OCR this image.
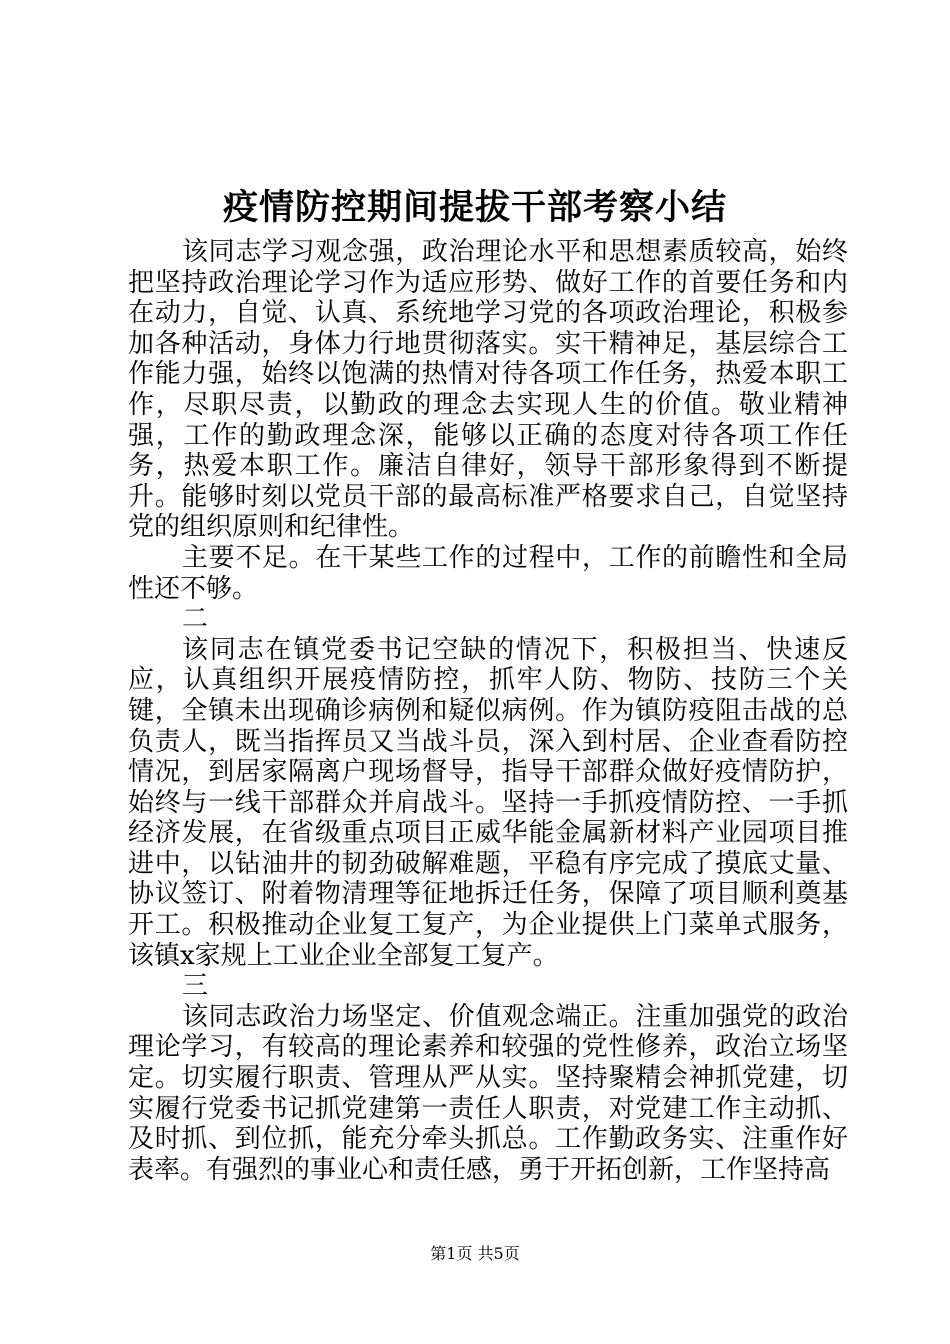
疫情防控期间提拔干部考察小结

该同志学习观念强，政治理论水平和思想素质较高，始终把坚持政治理论学习作为适应形势、做好工作的首要任务和内在动力，自觉、认真、系统地学习党的各项政治理论，积极参加各种活动，身体力行地贯彻落实。实干精神足，基层综合工作能力强，始终以饱满的热情对待各项工作任务，热爱本职工作，尽职尽责，以勤政的理念去实现人生的价值。敬业精神强，工作的勤政理念深，能够以正确的态度对待各项工作任务，热爱本职工作。廉洁自律好，领导干部形象得到不断提升。能够时刻以党员干部的最高标准严格要求自己，自觉坚持党的组织原则和纪律性。

主要不足。在干某些工作的过程中，工作的前瞻性和全局性还不够。

二

该同志在镇党委书记空缺的情况下，积极担当、快速反应，认真组织开展疫情防控，抓牢人防、物防、技防三个关键，全镇未出现确诊病例和疑似病例。作为镇防疫阻击战的总负责人，既当指挥员又当战斗员，深入到村居、企业查看防控情况，到居家隔离户现场督导，指导干部群众做好疫情防护，始终与一线干部群众并肩战斗。坚持一手抓疫情防控、一手抓经济发展，在省级重点项目正威华能金属新材料产业园项目推进中，以钻油井的韧劲破解难题，平稳有序完成了摸底丈量、协议签订、附着物清理等征地拆迁任务，保障了项目顺利奠基开工。积极推动企业复工复产，为企业提供上门菜单式服务，该镇x家规上工业企业全部复工复产。

三

该同志政治力场坚定、价值观念端正。注重加强党的政治理论学习，有较高的理论素养和较强的党性修养，政治立场坚定。切实履行职责、管理从严从实。坚持聚精会神抓党建，切实履行党委书记抓党建第一责任人职责，对党建工作主动抓、及时抓、到位抓，能充分牵头抓总。工作勤政务实、注重作好表率。有强烈的事业心和责任感，勇于开拓创新，工作坚持高

第1页 共5页
